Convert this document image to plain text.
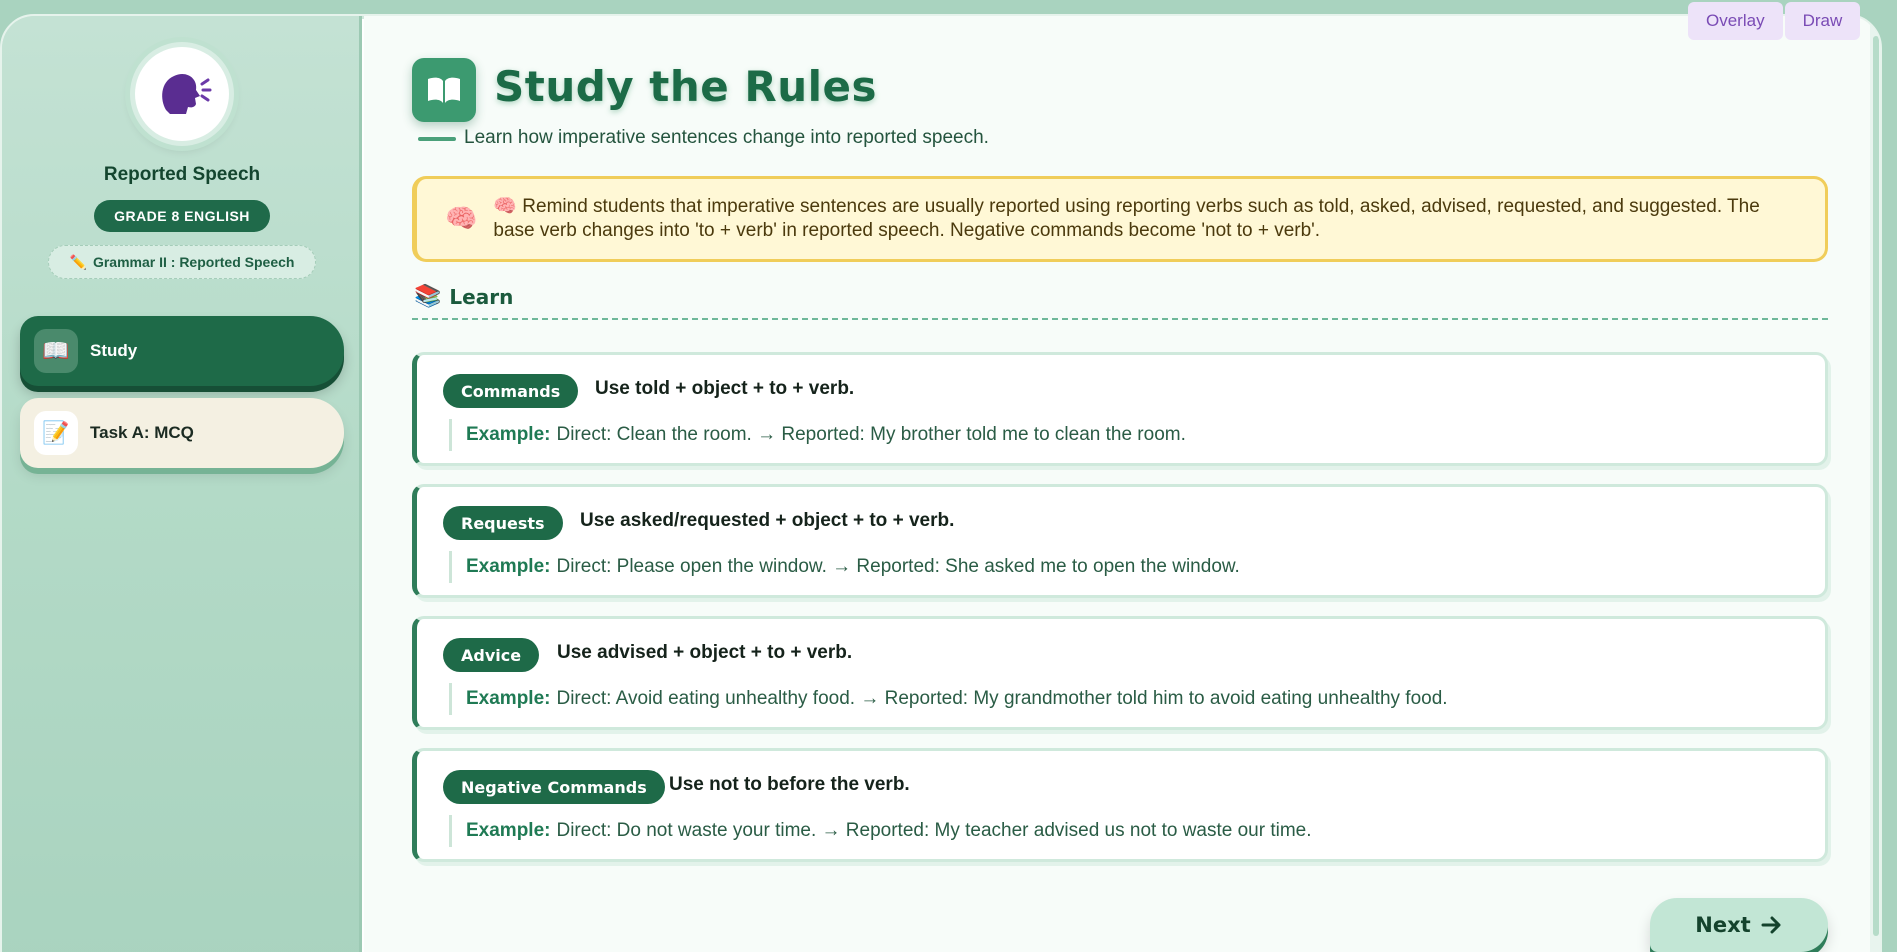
Reported Speech
GRADE 8 ENGLISH
✏️ Grammar II : Reported Speech
📖	Study
📝	Task A: MCQ
Study the Rules
Learn how imperative sentences change into reported speech.
🧠 🧠 Remind students that imperative sentences are usually reported using reporting verbs such as told, asked, advised, requested, and suggested. The base verb changes into 'to + verb' in reported speech. Negative commands become 'not to + verb'.
📚 Learn
Commands	Use told + object + to + verb.
Example: Direct: Clean the room. → Reported: My brother told me to clean the room.
Requests	Use asked/requested + object + to + verb.
Example: Direct: Please open the window. → Reported: She asked me to open the window.
Advice	Use advised + object + to + verb.
Example: Direct: Avoid eating unhealthy food. → Reported: My grandmother told him to avoid eating unhealthy food.
Negative Commands	Use not to before the verb.
Example: Direct: Do not waste your time. → Reported: My teacher advised us not to waste our time.
Next
Overlay	Draw
